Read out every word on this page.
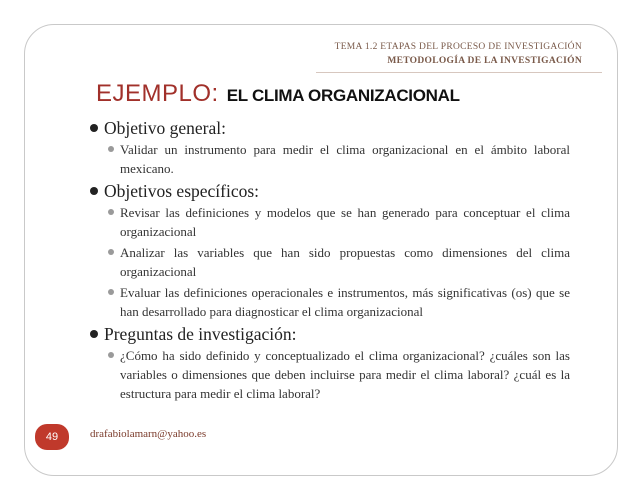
TEMA 1.2 ETAPAS DEL PROCESO DE INVESTIGACIÓN
METODOLOGÍA DE LA INVESTIGACIÓN
EJEMPLO: EL CLIMA ORGANIZACIONAL
Objetivo general:
Validar un instrumento para medir el clima organizacional en el ámbito laboral mexicano.
Objetivos específicos:
Revisar las definiciones y modelos que se han generado para conceptuar el clima organizacional
Analizar las variables que han sido propuestas como dimensiones del clima organizacional
Evaluar las definiciones operacionales e instrumentos, más significativas (os) que se han desarrollado para diagnosticar el clima organizacional
Preguntas de investigación:
¿Cómo ha sido definido y conceptualizado el clima organizacional? ¿cuáles son las variables o dimensiones que deben incluirse para medir el clima laboral? ¿cuál es la estructura para medir el clima laboral?
49	drafabiolamarn@yahoo.es
